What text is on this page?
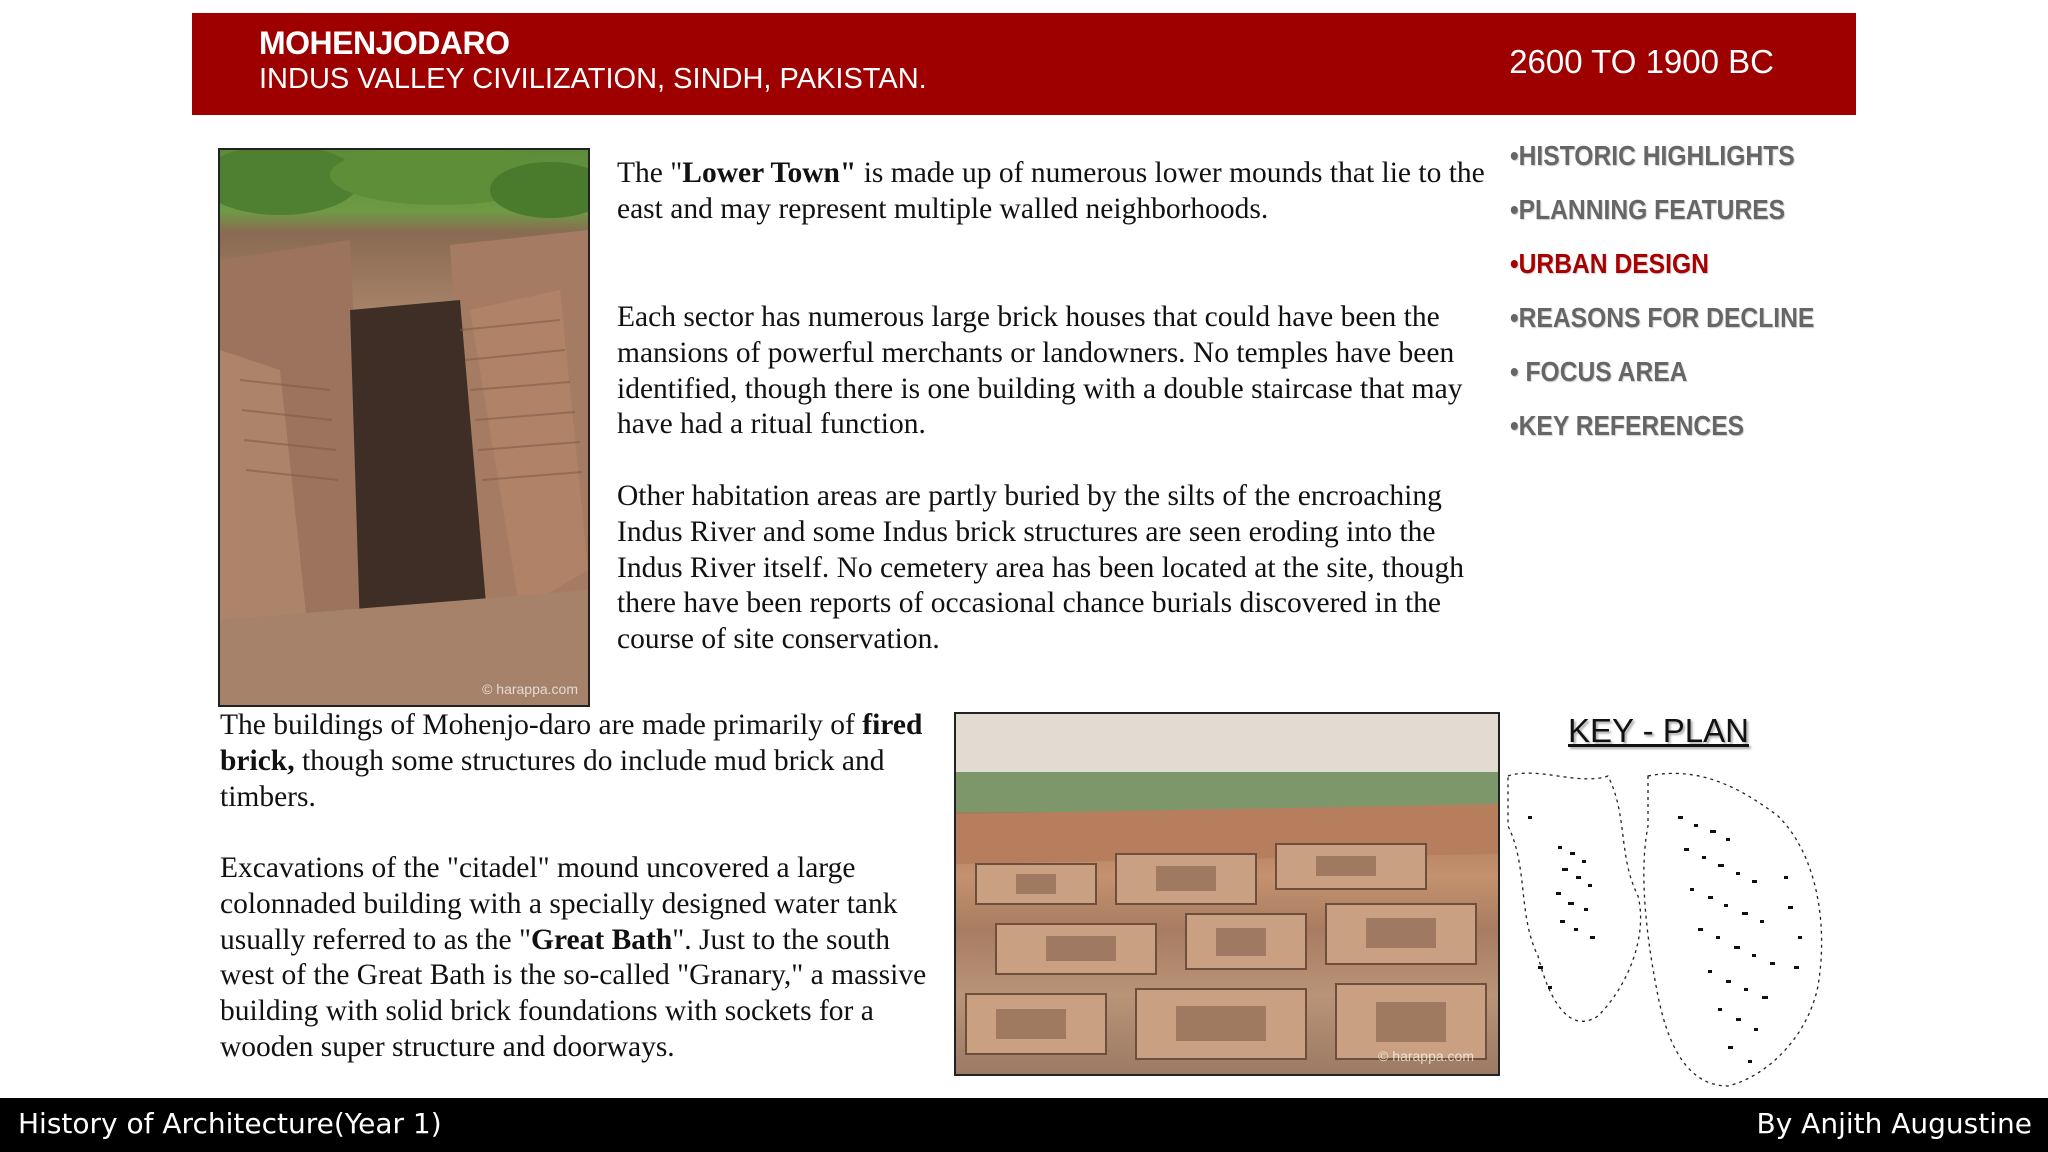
MOHENJODARO
INDUS VALLEY CIVILIZATION, SINDH, PAKISTAN.	2600 TO 1900 BC
© harappa.com
The "Lower Town" is made up of numerous lower mounds that lie to the east and may represent multiple walled neighborhoods.
Each sector has numerous large brick houses that could have been the mansions of powerful merchants or landowners. No temples have been identified, though there is one building with a double staircase that may have had a ritual function.
Other habitation areas are partly buried by the silts of the encroaching Indus River and some Indus brick structures are seen eroding into the Indus River itself. No cemetery area has been located at the site, though there have been reports of occasional chance burials discovered in the course of site conservation.
The buildings of Mohenjo-daro are made primarily of fired brick, though some structures do include mud brick and timbers.
Excavations of the "citadel" mound uncovered a large colonnaded building with a specially designed water tank usually referred to as the "Great Bath". Just to the south west of the Great Bath is the so-called "Granary," a massive building with solid brick foundations with sockets for a wooden super structure and doorways.
•HISTORIC HIGHLIGHTS
•PLANNING FEATURES
•URBAN DESIGN
•REASONS FOR DECLINE
• FOCUS AREA
•KEY REFERENCES
© harappa.com
KEY - PLAN
History of Architecture(Year 1)	By Anjith Augustine
